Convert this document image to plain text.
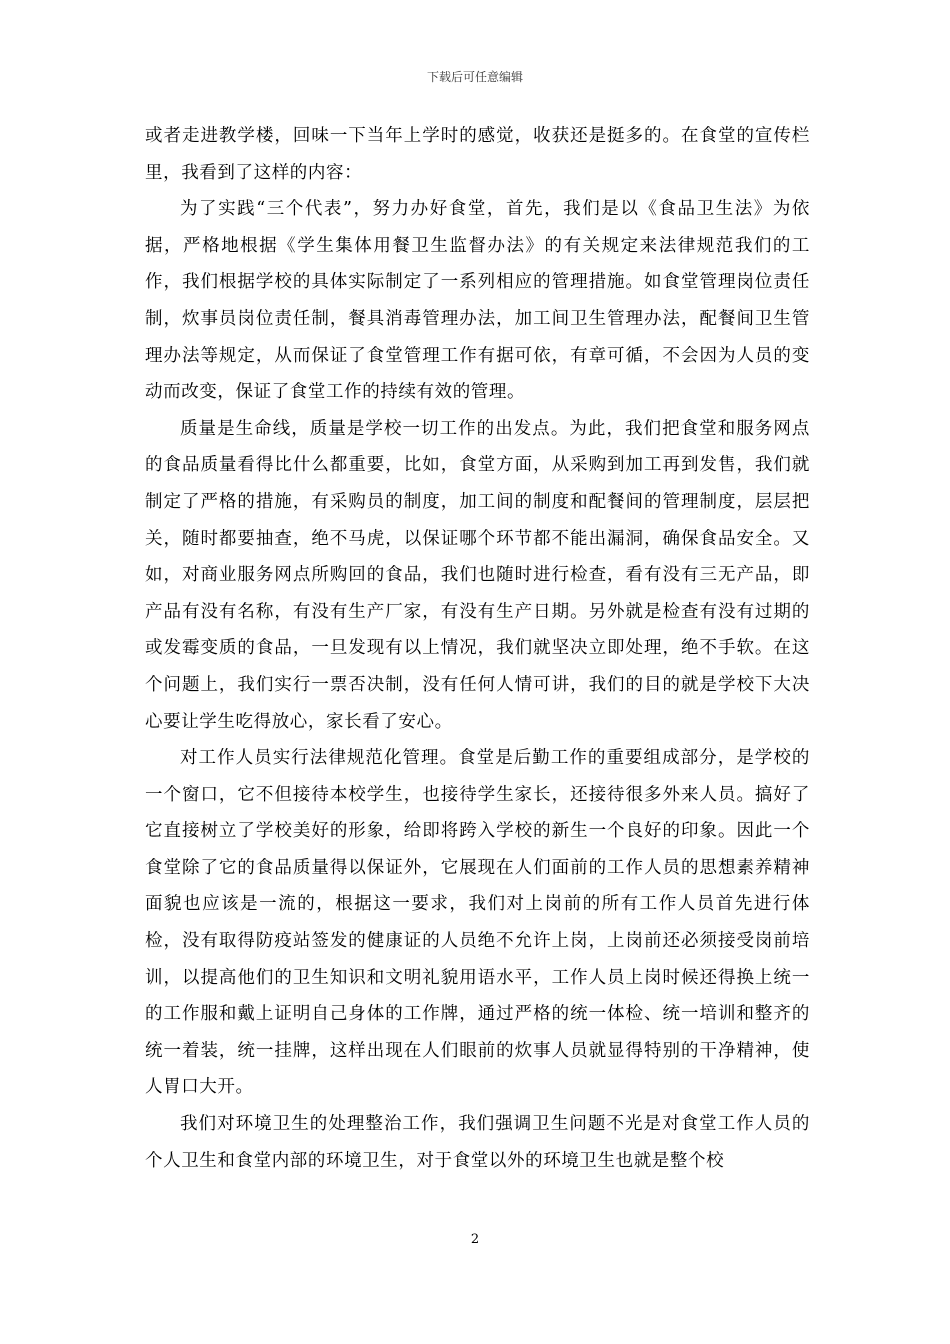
下载后可任意编辑

或者走进教学楼，回味一下当年上学时的感觉，收获还是挺多的。在食堂的宣传栏里，我看到了这样的内容：

为了实践“三个代表”，努力办好食堂，首先，我们是以《食品卫生法》为依据，严格地根据《学生集体用餐卫生监督办法》的有关规定来法律规范我们的工作，我们根据学校的具体实际制定了一系列相应的管理措施。如食堂管理岗位责任制，炊事员岗位责任制，餐具消毒管理办法，加工间卫生管理办法，配餐间卫生管理办法等规定，从而保证了食堂管理工作有据可依，有章可循，不会因为人员的变动而改变，保证了食堂工作的持续有效的管理。

质量是生命线，质量是学校一切工作的出发点。为此，我们把食堂和服务网点的食品质量看得比什么都重要，比如，食堂方面，从采购到加工再到发售，我们就制定了严格的措施，有采购员的制度，加工间的制度和配餐间的管理制度，层层把关，随时都要抽查，绝不马虎，以保证哪个环节都不能出漏洞，确保食品安全。又如，对商业服务网点所购回的食品，我们也随时进行检查，看有没有三无产品，即产品有没有名称，有没有生产厂家，有没有生产日期。另外就是检查有没有过期的或发霉变质的食品，一旦发现有以上情况，我们就坚决立即处理，绝不手软。在这个问题上，我们实行一票否决制，没有任何人情可讲，我们的目的就是学校下大决心要让学生吃得放心，家长看了安心。

对工作人员实行法律规范化管理。食堂是后勤工作的重要组成部分，是学校的一个窗口，它不但接待本校学生，也接待学生家长，还接待很多外来人员。搞好了它直接树立了学校美好的形象，给即将跨入学校的新生一个良好的印象。因此一个食堂除了它的食品质量得以保证外，它展现在人们面前的工作人员的思想素养精神面貌也应该是一流的，根据这一要求，我们对上岗前的所有工作人员首先进行体检，没有取得防疫站签发的健康证的人员绝不允许上岗，上岗前还必须接受岗前培训，以提高他们的卫生知识和文明礼貌用语水平，工作人员上岗时候还得换上统一的工作服和戴上证明自己身体的工作牌，通过严格的统一体检、统一培训和整齐的统一着装，统一挂牌，这样出现在人们眼前的炊事人员就显得特别的干净精神，使人胃口大开。

我们对环境卫生的处理整治工作，我们强调卫生问题不光是对食堂工作人员的个人卫生和食堂内部的环境卫生，对于食堂以外的环境卫生也就是整个校

2
